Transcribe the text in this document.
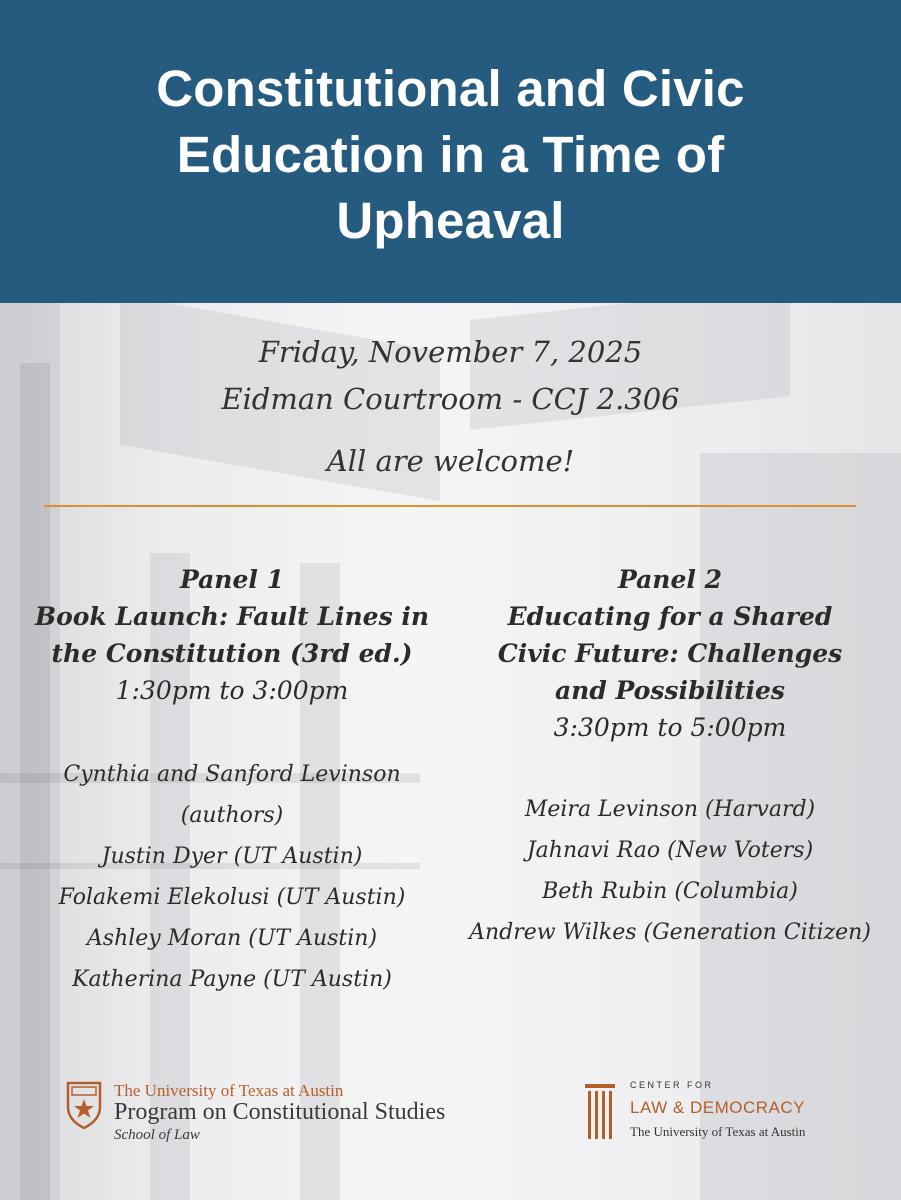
Constitutional and Civic Education in a Time of Upheaval
Friday, November 7, 2025
Eidman Courtroom - CCJ 2.306
All are welcome!
Panel 1
Book Launch: Fault Lines in the Constitution (3rd ed.)
1:30pm to 3:00pm
Cynthia and Sanford Levinson (authors)
Justin Dyer (UT Austin)
Folakemi Elekolusi (UT Austin)
Ashley Moran (UT Austin)
Katherina Payne (UT Austin)
Panel 2
Educating for a Shared Civic Future: Challenges and Possibilities
3:30pm to 5:00pm
Meira Levinson (Harvard)
Jahnavi Rao (New Voters)
Beth Rubin (Columbia)
Andrew Wilkes (Generation Citizen)
The University of Texas at Austin
Program on Constitutional Studies
School of Law
CENTER FOR
LAW & DEMOCRACY
The University of Texas at Austin
